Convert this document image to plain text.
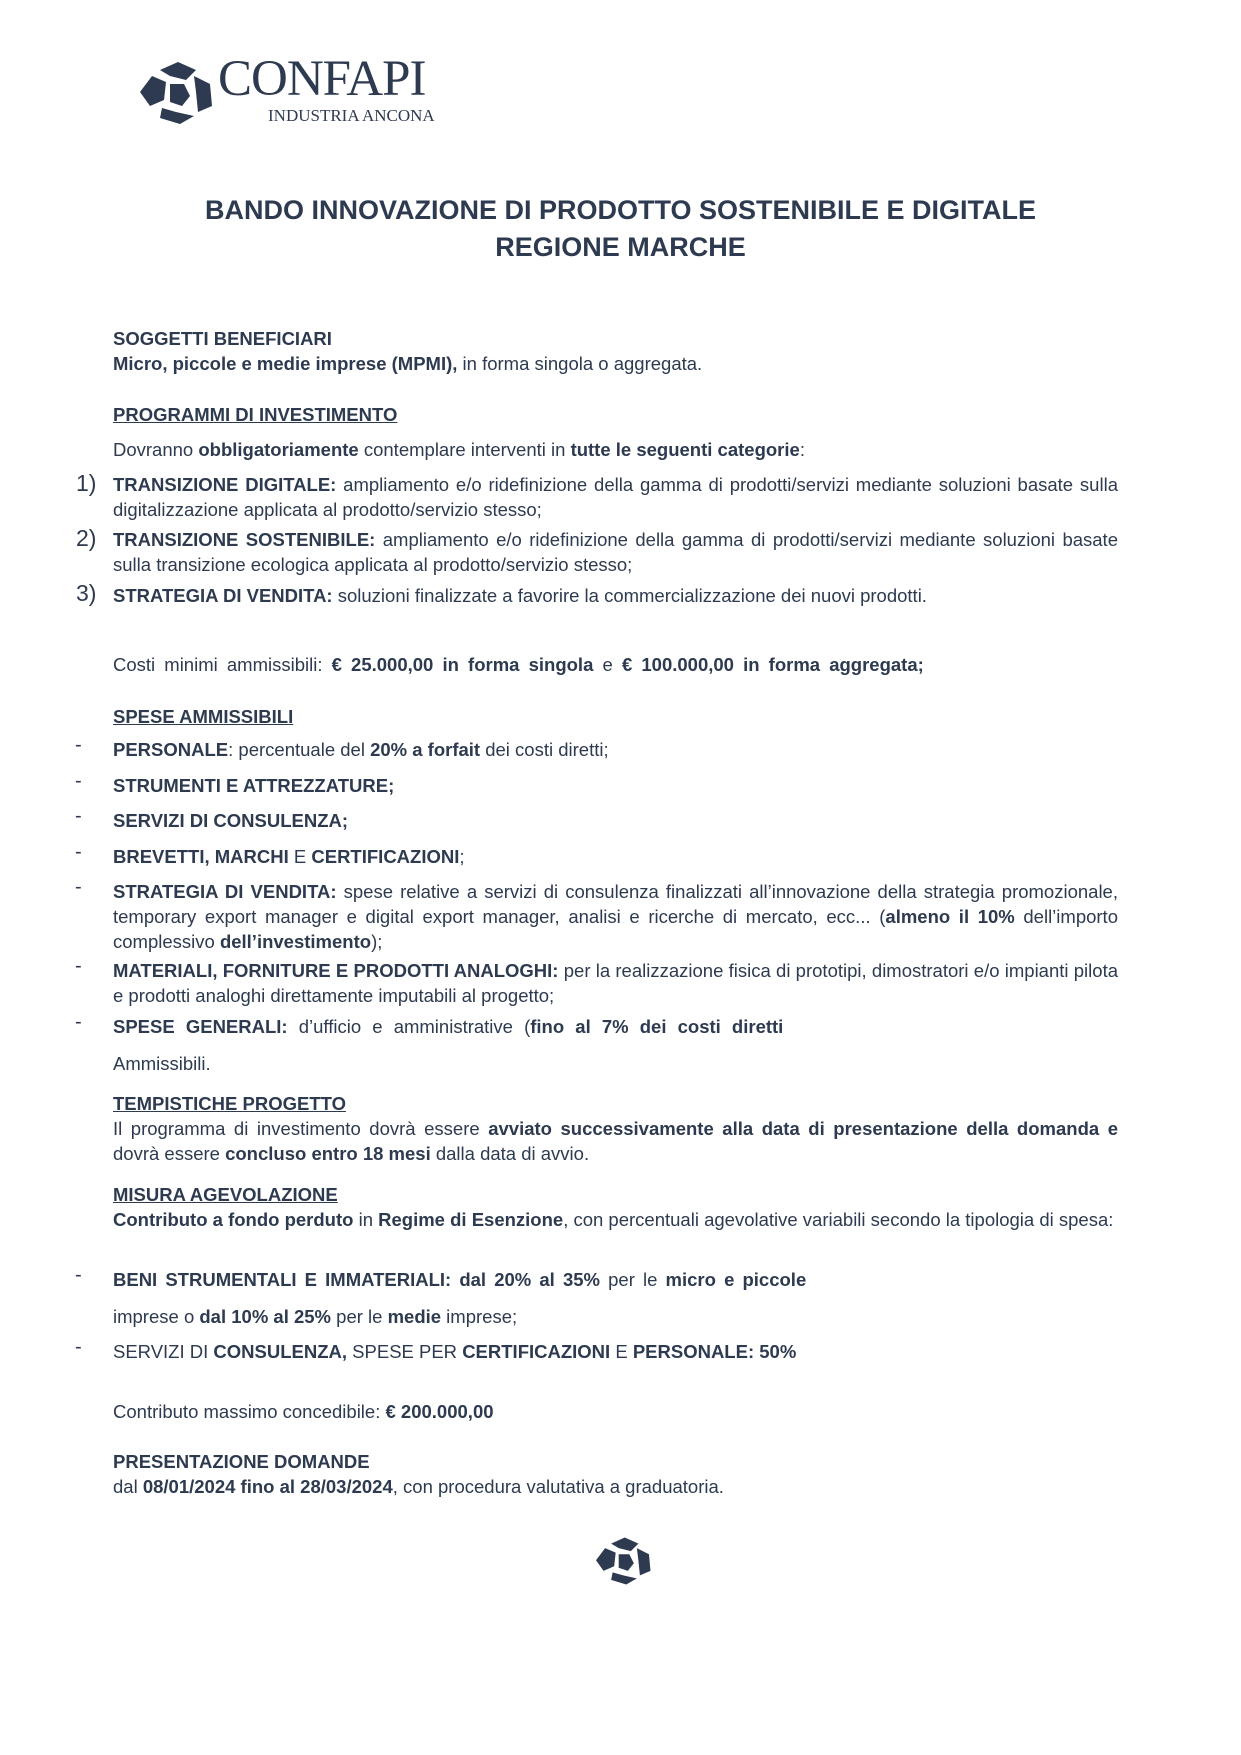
CONFAPI
INDUSTRIA ANCONA
BANDO INNOVAZIONE DI PRODOTTO SOSTENIBILE E DIGITALE
REGIONE MARCHE
SOGGETTI BENEFICIARI
Micro, piccole e medie imprese (MPMI), in forma singola o aggregata.
PROGRAMMI DI INVESTIMENTO
Dovranno obbligatoriamente contemplare interventi in tutte le seguenti categorie:
1) TRANSIZIONE DIGITALE: ampliamento e/o ridefinizione della gamma di prodotti/servizi mediante soluzioni basate sulla digitalizzazione applicata al prodotto/servizio stesso;
2) TRANSIZIONE SOSTENIBILE: ampliamento e/o ridefinizione della gamma di prodotti/servizi mediante soluzioni basate sulla transizione ecologica applicata al prodotto/servizio stesso;
3) STRATEGIA DI VENDITA: soluzioni finalizzate a favorire la commercializzazione dei nuovi prodotti.
Costi minimi ammissibili: € 25.000,00 in forma singola e € 100.000,00 in forma aggregata;
SPESE AMMISSIBILI
- PERSONALE: percentuale del 20% a forfait dei costi diretti;
- STRUMENTI E ATTREZZATURE;
- SERVIZI DI CONSULENZA;
- BREVETTI, MARCHI E CERTIFICAZIONI;
- STRATEGIA DI VENDITA: spese relative a servizi di consulenza finalizzati all’innovazione della strategia promozionale, temporary export manager e digital export manager, analisi e ricerche di mercato, ecc... (almeno il 10% dell’importo complessivo dell’investimento);
- MATERIALI, FORNITURE E PRODOTTI ANALOGHI: per la realizzazione fisica di prototipi, dimostratori e/o impianti pilota e prodotti analoghi direttamente imputabili al progetto;
- SPESE GENERALI: d’ufficio e amministrative (fino al 7% dei costi diretti
Ammissibili.
TEMPISTICHE PROGETTO
Il programma di investimento dovrà essere avviato successivamente alla data di presentazione della domanda e dovrà essere concluso entro 18 mesi dalla data di avvio.
MISURA AGEVOLAZIONE
Contributo a fondo perduto in Regime di Esenzione, con percentuali agevolative variabili secondo la tipologia di spesa:
- BENI STRUMENTALI E IMMATERIALI: dal 20% al 35% per le micro e piccole
imprese o dal 10% al 25% per le medie imprese;
- SERVIZI DI CONSULENZA, SPESE PER CERTIFICAZIONI E PERSONALE: 50%
Contributo massimo concedibile: € 200.000,00
PRESENTAZIONE DOMANDE
dal 08/01/2024 fino al 28/03/2024, con procedura valutativa a graduatoria.
